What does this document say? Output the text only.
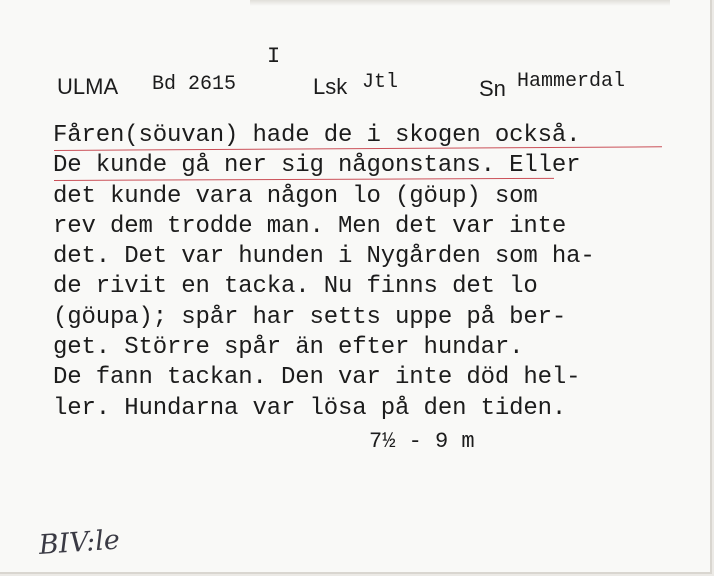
I
ULMA Bd 2615	Lsk Jtl	Sn Hammerdal
Fåren(söuvan) hade de i skogen också.
De kunde gå ner sig någonstans. Eller
det kunde vara någon lo (göup) som
rev dem trodde man. Men det var inte
det. Det var hunden i Nygården som ha-
de rivit en tacka. Nu finns det lo
(göupa); spår har setts uppe på ber-
get. Större spår än efter hundar.
De fann tackan. Den var inte död hel-
ler. Hundarna var lösa på den tiden.
7½ - 9 m
BIV:le
